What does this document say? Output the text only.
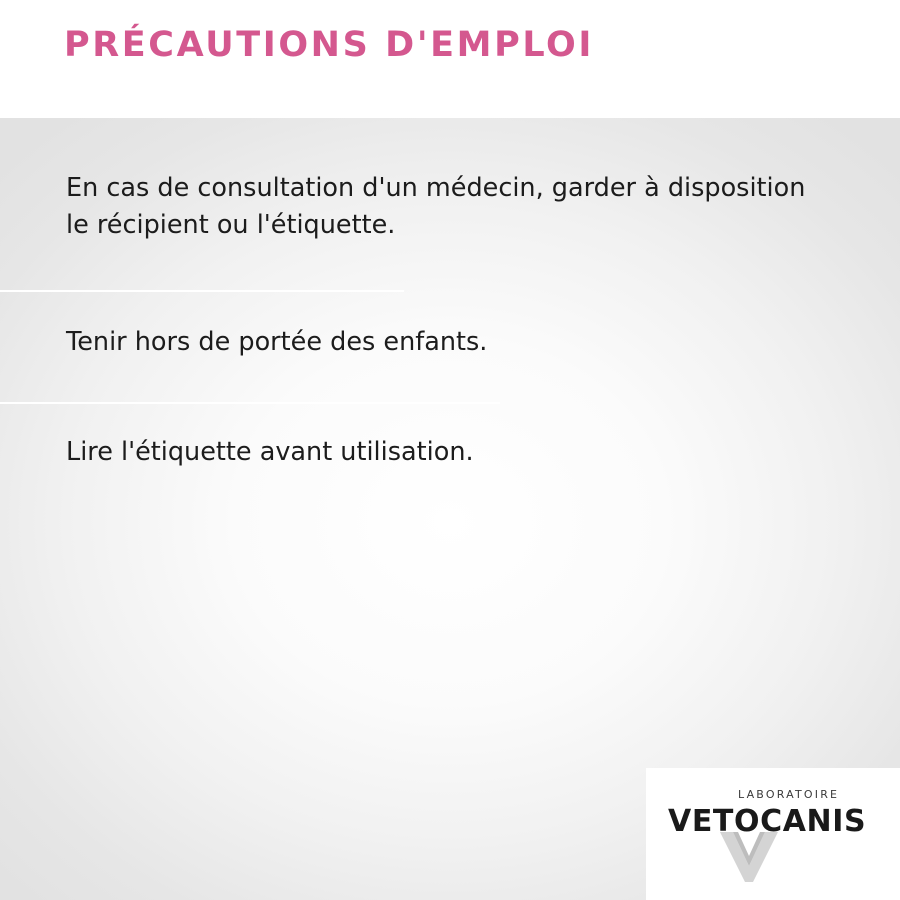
PRÉCAUTIONS D'EMPLOI
En cas de consultation d'un médecin, garder à disposition le récipient ou l'étiquette.
Tenir hors de portée des enfants.
Lire l'étiquette avant utilisation.
LABORATOIRE
VETOCANIS
